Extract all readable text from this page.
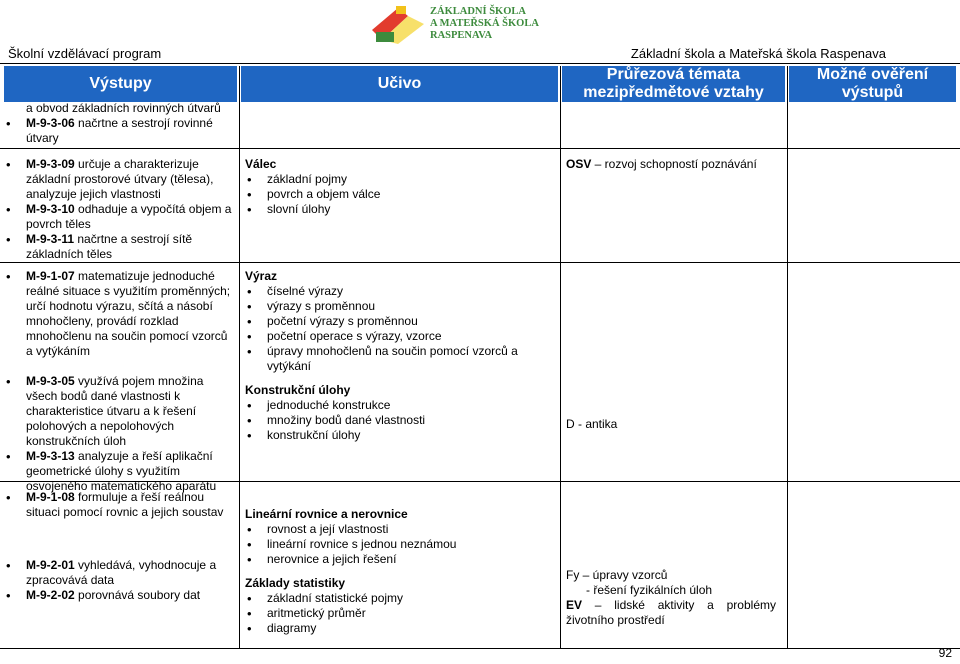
ZÁKLADNÍ ŠKOLA
A MATEŘSKÁ ŠKOLA
RASPENAVA
Školní vzdělávací program	Základní škola a Mateřská škola Raspenava
Výstupy	Učivo
Průřezová témata mezipředmětové vztahy
Možné ověření výstupů
a obvod základních rovinných útvarů
• M-9-3-06 načrtne a sestrojí rovinné útvary
• M-9-3-09 určuje a charakterizuje základní prostorové útvary (tělesa), analyzuje jejich vlastnosti
• M-9-3-10 odhaduje a vypočítá objem a povrch těles
• M-9-3-11 načrtne a sestrojí sítě základních těles
Válec
• základní pojmy
• povrch a objem válce
• slovní úlohy
OSV – rozvoj schopností poznávání
• M-9-1-07 matematizuje jednoduché reálné situace s využitím proměnných; určí hodnotu výrazu, sčítá a násobí mnohočleny, provádí rozklad mnohočlenu na součin pomocí vzorců a vytýkáním
• M-9-3-05 využívá pojem množina všech bodů dané vlastnosti k charakteristice útvaru a k řešení polohových a nepolohových konstrukčních úloh
• M-9-3-13 analyzuje a řeší aplikační geometrické úlohy s využitím osvojeného matematického aparátu
Výraz
• číselné výrazy
• výrazy s proměnnou
• početní výrazy s proměnnou
• početní operace s výrazy, vzorce
• úpravy mnohočlenů na součin pomocí vzorců a vytýkání
Konstrukční úlohy
• jednoduché konstrukce
• množiny bodů dané vlastnosti
• konstrukční úlohy
D - antika
• M-9-1-08 formuluje a řeší reálnou situaci pomocí rovnic a jejich soustav
• M-9-2-01 vyhledává, vyhodnocuje a zpracovává data
• M-9-2-02 porovnává soubory dat
Lineární rovnice a nerovnice
• rovnost a její vlastnosti
• lineární rovnice s jednou neznámou
• nerovnice a jejich řešení
Základy statistiky
• základní statistické pojmy
• aritmetický průměr
• diagramy
Fy – úpravy vzorců
- řešení fyzikálních úloh
EV – lidské aktivity a problémy životního prostředí
92
